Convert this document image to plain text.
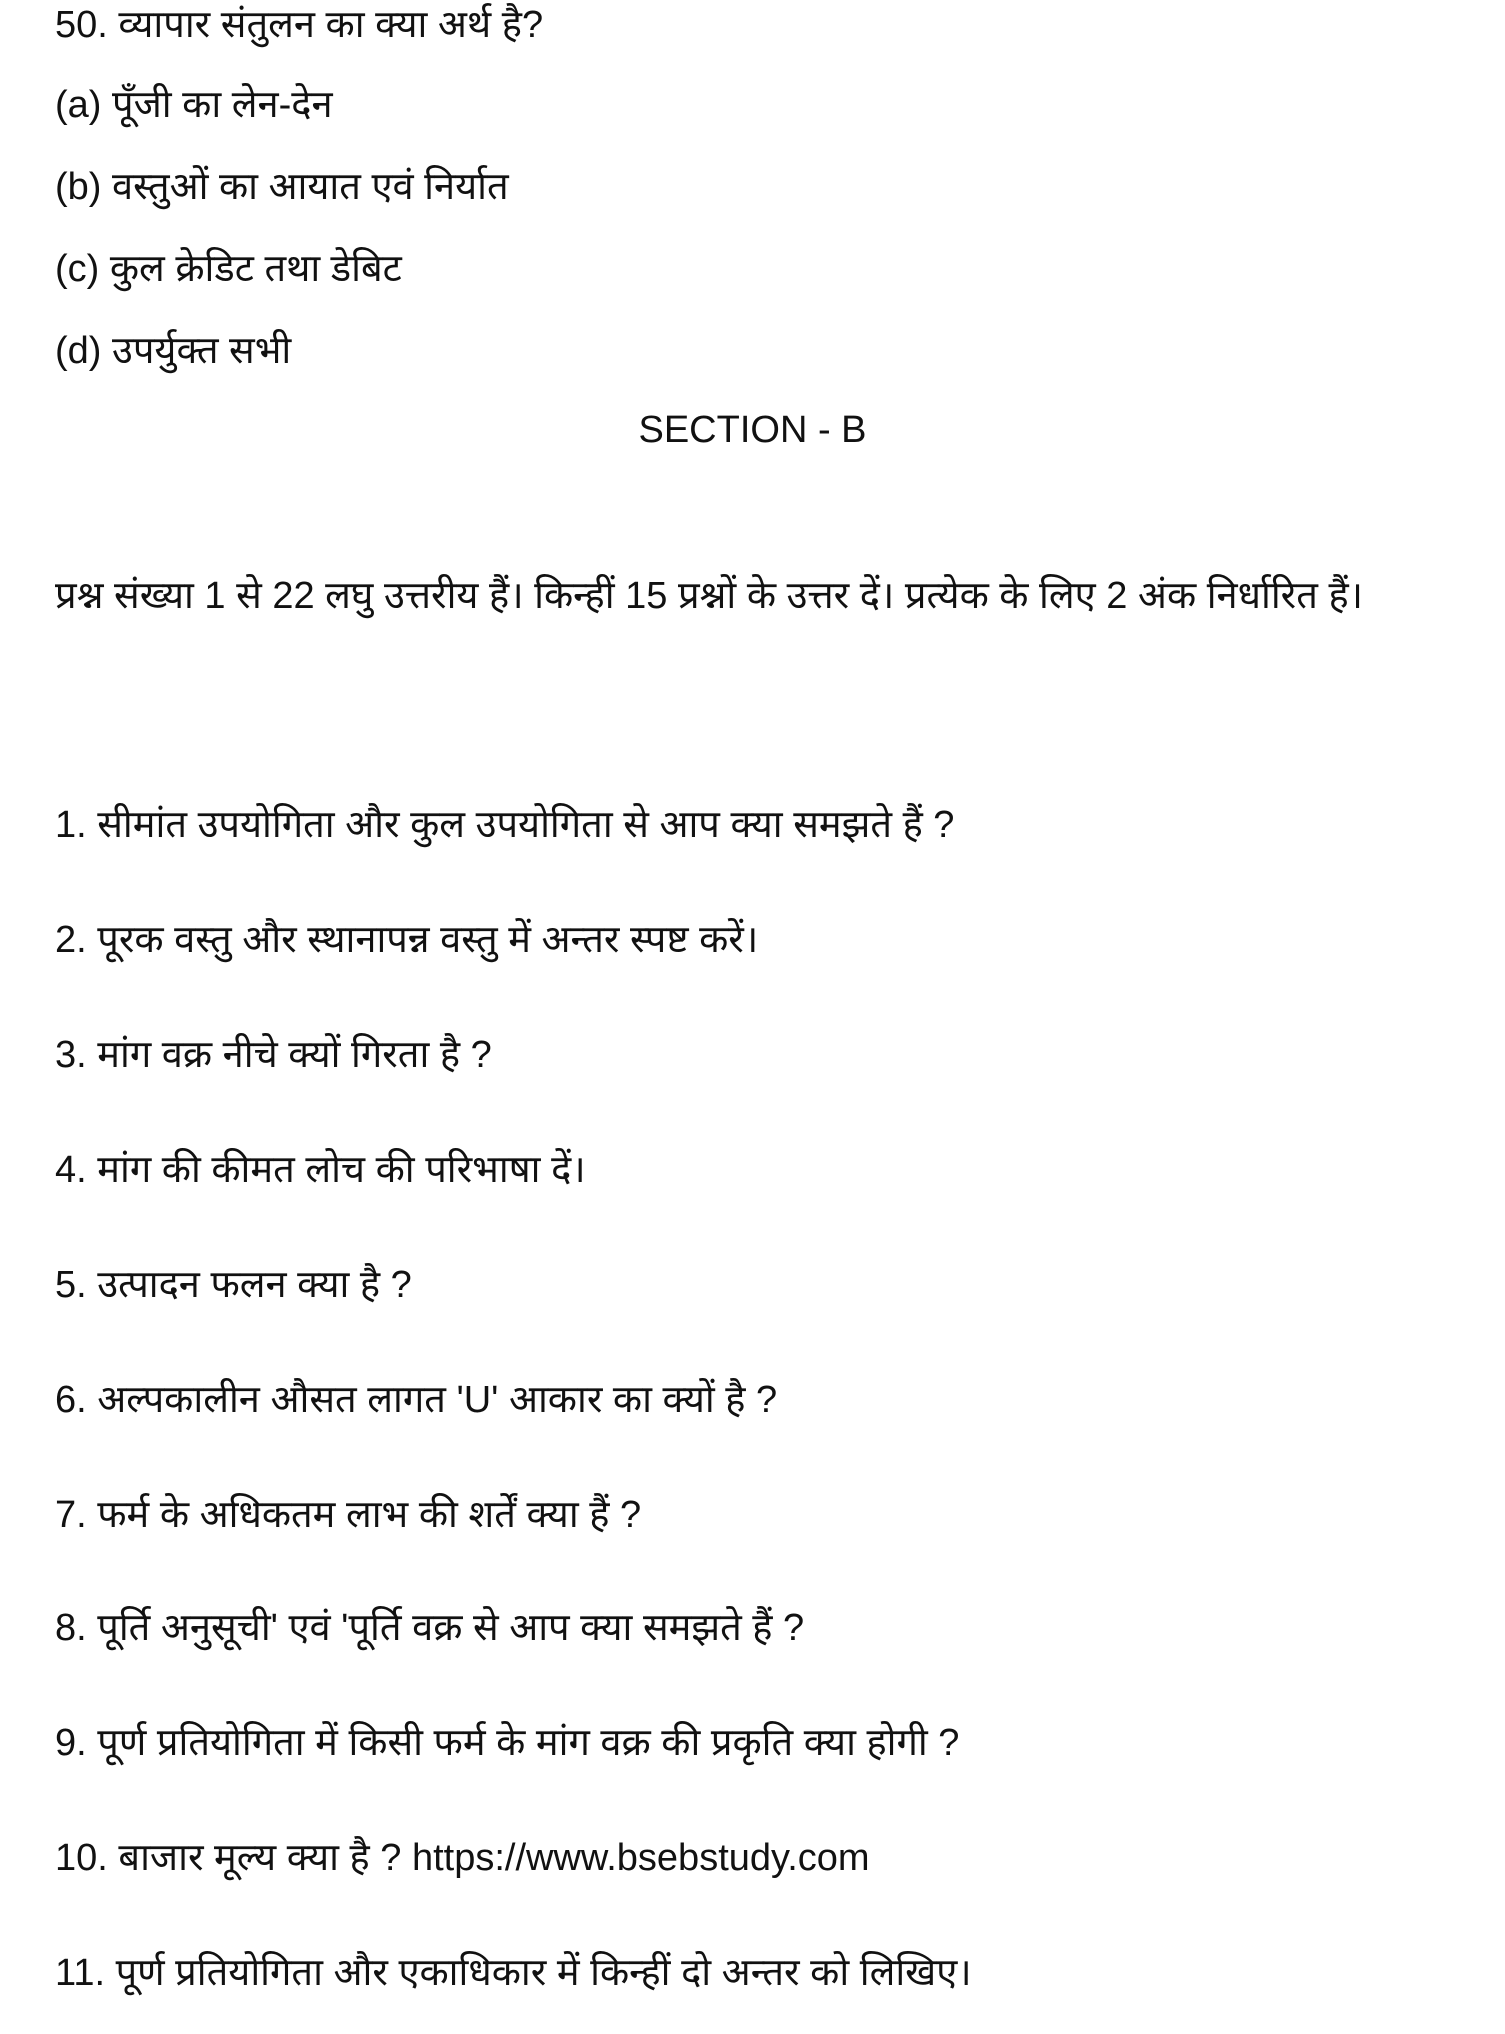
50. व्यापार संतुलन का क्या अर्थ है?
(a) पूँजी का लेन-देन
(b) वस्तुओं का आयात एवं निर्यात
(c) कुल क्रेडिट तथा डेबिट
(d) उपर्युक्त सभी
SECTION - B
प्रश्न संख्या 1 से 22 लघु उत्तरीय हैं। किन्हीं 15 प्रश्नों के उत्तर दें। प्रत्येक के लिए 2 अंक निर्धारित हैं।
1. सीमांत उपयोगिता और कुल उपयोगिता से आप क्या समझते हैं ?
2. पूरक वस्तु और स्थानापन्न वस्तु में अन्तर स्पष्ट करें।
3. मांग वक्र नीचे क्यों गिरता है ?
4. मांग की कीमत लोच की परिभाषा दें।
5. उत्पादन फलन क्या है ?
6. अल्पकालीन औसत लागत 'U' आकार का क्यों है ?
7. फर्म के अधिकतम लाभ की शर्तें क्या हैं ?
8. पूर्ति अनुसूची' एवं 'पूर्ति वक्र से आप क्या समझते हैं ?
9. पूर्ण प्रतियोगिता में किसी फर्म के मांग वक्र की प्रकृति क्या होगी ?
10. बाजार मूल्य क्या है ? https://www.bsebstudy.com
11. पूर्ण प्रतियोगिता और एकाधिकार में किन्हीं दो अन्तर को लिखिए।
